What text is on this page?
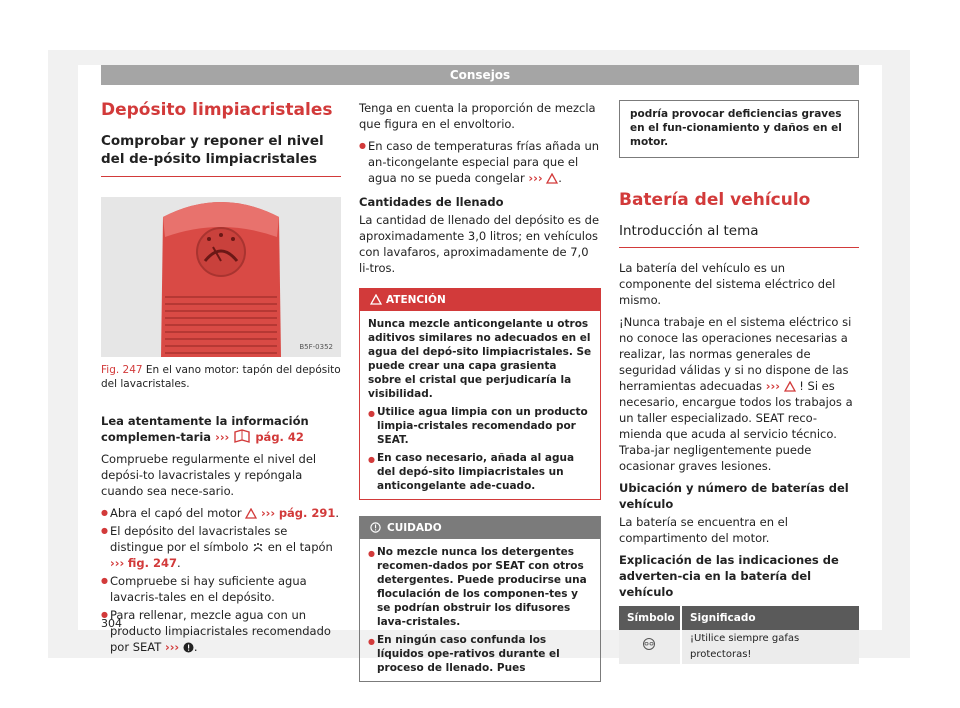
Consejos
Depósito limpiacristales
Comprobar y reponer el nivel del de-pósito limpiacristales
B5F-0352
Fig. 247 En el vano motor: tapón del depósito del lavacristales.

Lea atentamente la información complemen-taria ››› pág. 42

Compruebe regularmente el nivel del depósi-to lavacristales y repóngala cuando sea nece-sario.

● Abra el capó del motor ››› pág. 291.
● El depósito del lavacristales se distingue por el símbolo en el tapón ››› fig. 247.
● Compruebe si hay suficiente agua lavacris-tales en el depósito.
● Para rellenar, mezcle agua con un producto limpiacristales recomendado por SEAT ››› .

Tenga en cuenta la proporción de mezcla que figura en el envoltorio.

● En caso de temperaturas frías añada un an-ticongelante especial para que el agua no se pueda congelar ››› .

Cantidades de llenado

La cantidad de llenado del depósito es de aproximadamente 3,0 litros; en vehículos con lavafaros, aproximadamente de 7,0 li-tros.

ATENCIÓN

Nunca mezcle anticongelante u otros aditivos similares no adecuados en el agua del depó-sito limpiacristales. Se puede crear una capa grasienta sobre el cristal que perjudicaría la visibilidad.

● Utilice agua limpia con un producto limpia-cristales recomendado por SEAT.
● En caso necesario, añada al agua del depó-sito limpiacristales un anticongelante ade-cuado.
CUIDADO
● No mezcle nunca los detergentes recomen-dados por SEAT con otros detergentes. Puede producirse una floculación de los componen-tes y se podrían obstruir los difusores lava-cristales.
● En ningún caso confunda los líquidos ope-rativos durante el proceso de llenado. Pues
podría provocar deficiencias graves en el fun-cionamiento y daños en el motor.
Batería del vehículo
Introducción al tema

La batería del vehículo es un componente del sistema eléctrico del mismo.

¡Nunca trabaje en el sistema eléctrico si no conoce las operaciones necesarias a realizar, las normas generales de seguridad válidas y si no dispone de las herramientas adecuadas ››› ! Si es necesario, encargue todos los trabajos a un taller especializado. SEAT reco-mienda que acuda al servicio técnico. Traba-jar negligentemente puede ocasionar graves lesiones.

Ubicación y número de baterías del vehículo

La batería se encuentra en el compartimento del motor.

Explicación de las indicaciones de adverten-cia en la batería del vehículo

Símbolo	Significado
	¡Utilice siempre gafas protectoras!
304
